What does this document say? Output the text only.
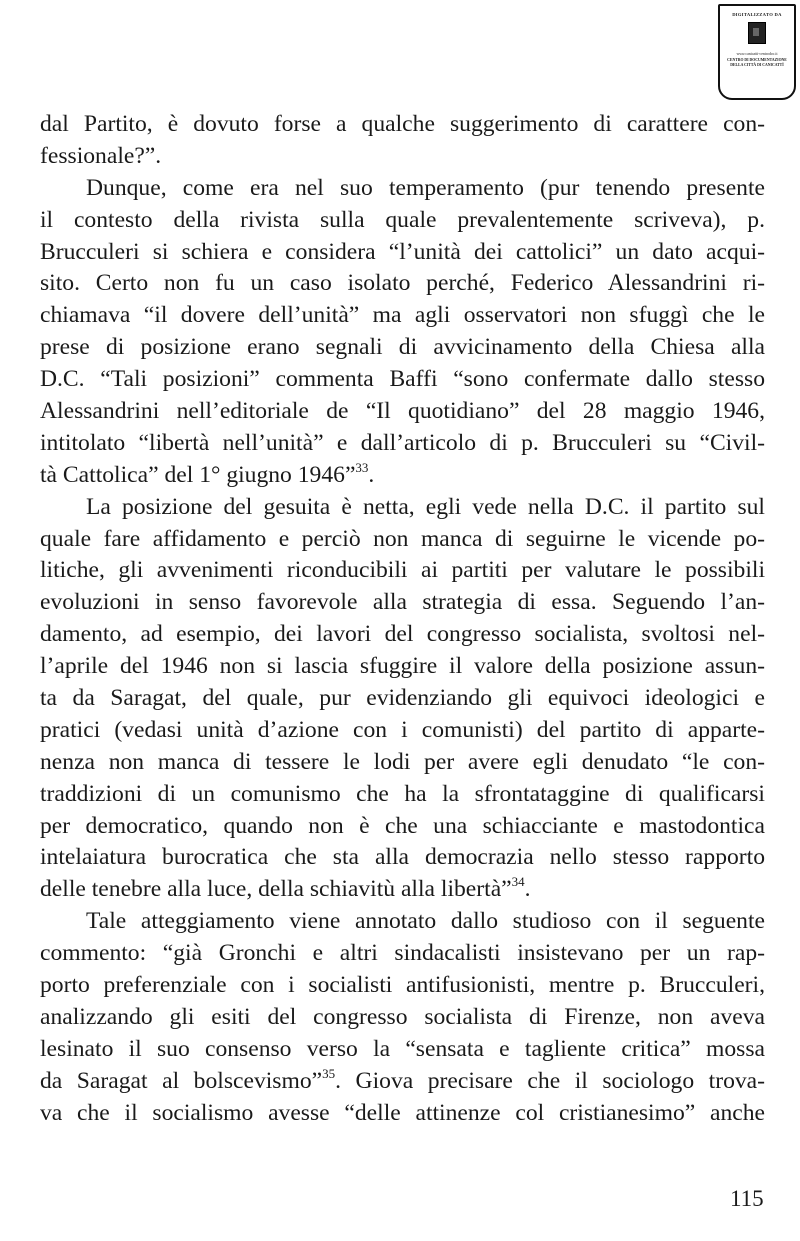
DIGITALIZZATO DA
www.canicatti-centrodoc.it
CENTRO DI DOCUMENTAZIONE
DELLA CITTÀ DI CANICATTÌ
dal Partito, è dovuto forse a qualche suggerimento di carattere con-
fessionale?”.
Dunque, come era nel suo temperamento (pur tenendo presente
il contesto della rivista sulla quale prevalentemente scriveva), p.
Brucculeri si schiera e considera “l’unità dei cattolici” un dato acqui-
sito. Certo non fu un caso isolato perché, Federico Alessandrini ri-
chiamava “il dovere dell’unità” ma agli osservatori non sfuggì che le
prese di posizione erano segnali di avvicinamento della Chiesa alla
D.C. “Tali posizioni” commenta Baffi “sono confermate dallo stesso
Alessandrini nell’editoriale de “Il quotidiano” del 28 maggio 1946,
intitolato “libertà nell’unità” e dall’articolo di p. Brucculeri su “Civil-
tà Cattolica” del 1° giugno 1946”$^{33}$.
La posizione del gesuita è netta, egli vede nella D.C. il partito sul
quale fare affidamento e perciò non manca di seguirne le vicende po-
litiche, gli avvenimenti riconducibili ai partiti per valutare le possibili
evoluzioni in senso favorevole alla strategia di essa. Seguendo l’an-
damento, ad esempio, dei lavori del congresso socialista, svoltosi nel-
l’aprile del 1946 non si lascia sfuggire il valore della posizione assun-
ta da Saragat, del quale, pur evidenziando gli equivoci ideologici e
pratici (vedasi unità d’azione con i comunisti) del partito di apparte-
nenza non manca di tessere le lodi per avere egli denudato “le con-
traddizioni di un comunismo che ha la sfrontataggine di qualificarsi
per democratico, quando non è che una schiacciante e mastodontica
intelaiatura burocratica che sta alla democrazia nello stesso rapporto
delle tenebre alla luce, della schiavitù alla libertà”$^{34}$.
Tale atteggiamento viene annotato dallo studioso con il seguente
commento: “già Gronchi e altri sindacalisti insistevano per un rap-
porto preferenziale con i socialisti antifusionisti, mentre p. Brucculeri,
analizzando gli esiti del congresso socialista di Firenze, non aveva
lesinato il suo consenso verso la “sensata e tagliente critica” mossa
da Saragat al bolscevismo”$^{35}$. Giova precisare che il sociologo trova-
va che il socialismo avesse “delle attinenze col cristianesimo” anche
115
